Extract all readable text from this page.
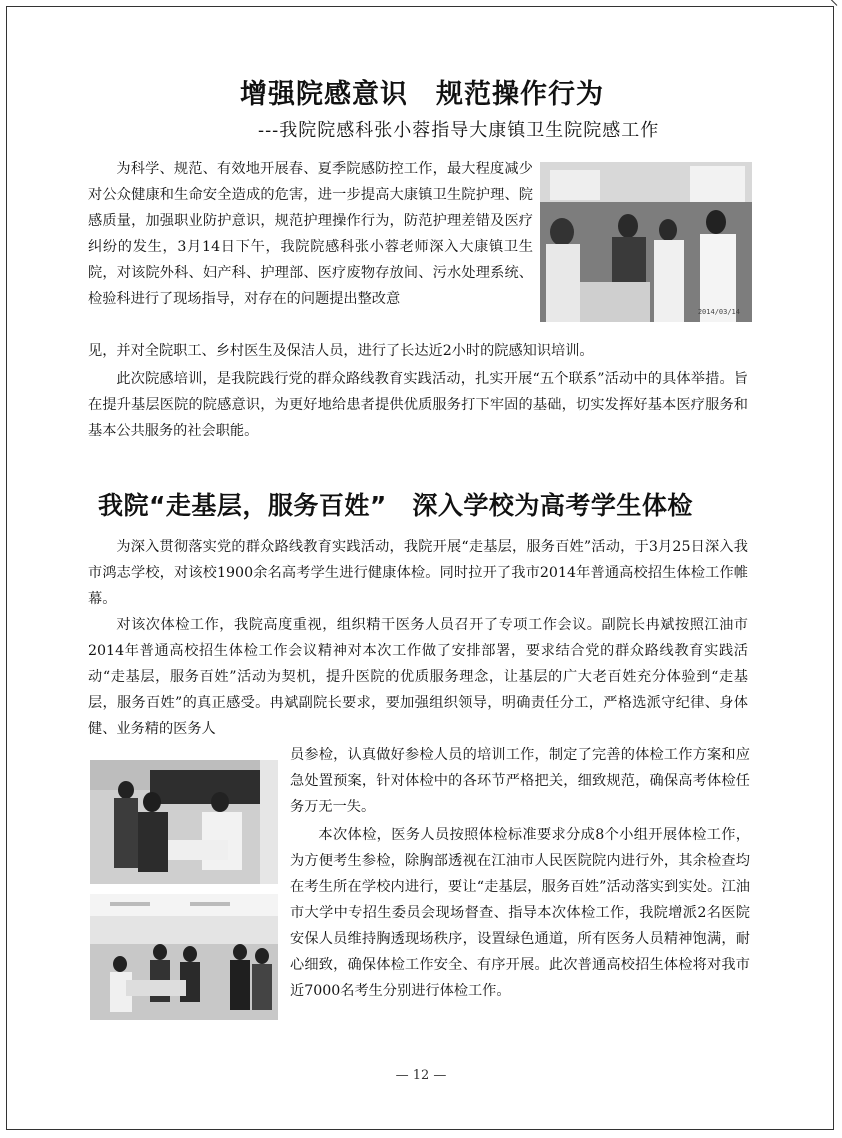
增强院感意识　规范操作行为
---我院院感科张小蓉指导大康镇卫生院院感工作

为科学、规范、有效地开展春、夏季院感防控工作，最大程度减少对公众健康和生命安全造成的危害，进一步提高大康镇卫生院护理、院感质量，加强职业防护意识，规范护理操作行为，防范护理差错及医疗纠纷的发生，3月14日下午，我院院感科张小蓉老师深入大康镇卫生院，对该院外科、妇产科、护理部、医疗废物存放间、污水处理系统、检验科进行了现场指导，对存在的问题提出整改意

2014/03/14

见，并对全院职工、乡村医生及保洁人员，进行了长达近2小时的院感知识培训。

此次院感培训，是我院践行党的群众路线教育实践活动，扎实开展“五个联系”活动中的具体举措。旨在提升基层医院的院感意识，为更好地给患者提供优质服务打下牢固的基础，切实发挥好基本医疗服务和基本公共服务的社会职能。

我院“走基层，服务百姓”　深入学校为高考学生体检

为深入贯彻落实党的群众路线教育实践活动，我院开展“走基层，服务百姓”活动，于3月25日深入我市鸿志学校，对该校1900余名高考学生进行健康体检。同时拉开了我市2014年普通高校招生体检工作帷幕。

对该次体检工作，我院高度重视，组织精干医务人员召开了专项工作会议。副院长冉斌按照江油市2014年普通高校招生体检工作会议精神对本次工作做了安排部署，要求结合党的群众路线教育实践活动“走基层，服务百姓”活动为契机，提升医院的优质服务理念，让基层的广大老百姓充分体验到“走基层，服务百姓”的真正感受。冉斌副院长要求，要加强组织领导，明确责任分工，严格选派守纪律、身体健、业务精的医务人

员参检，认真做好参检人员的培训工作，制定了完善的体检工作方案和应急处置预案，针对体检中的各环节严格把关，细致规范，确保高考体检任务万无一失。

本次体检，医务人员按照体检标准要求分成8个小组开展体检工作，为方便考生参检，除胸部透视在江油市人民医院院内进行外，其余检查均在考生所在学校内进行，要让“走基层，服务百姓”活动落实到实处。江油市大学中专招生委员会现场督查、指导本次体检工作，我院增派2名医院安保人员维持胸透现场秩序，设置绿色通道，所有医务人员精神饱满，耐心细致，确保体检工作安全、有序开展。此次普通高校招生体检将对我市近7000名考生分别进行体检工作。

— 12 —
